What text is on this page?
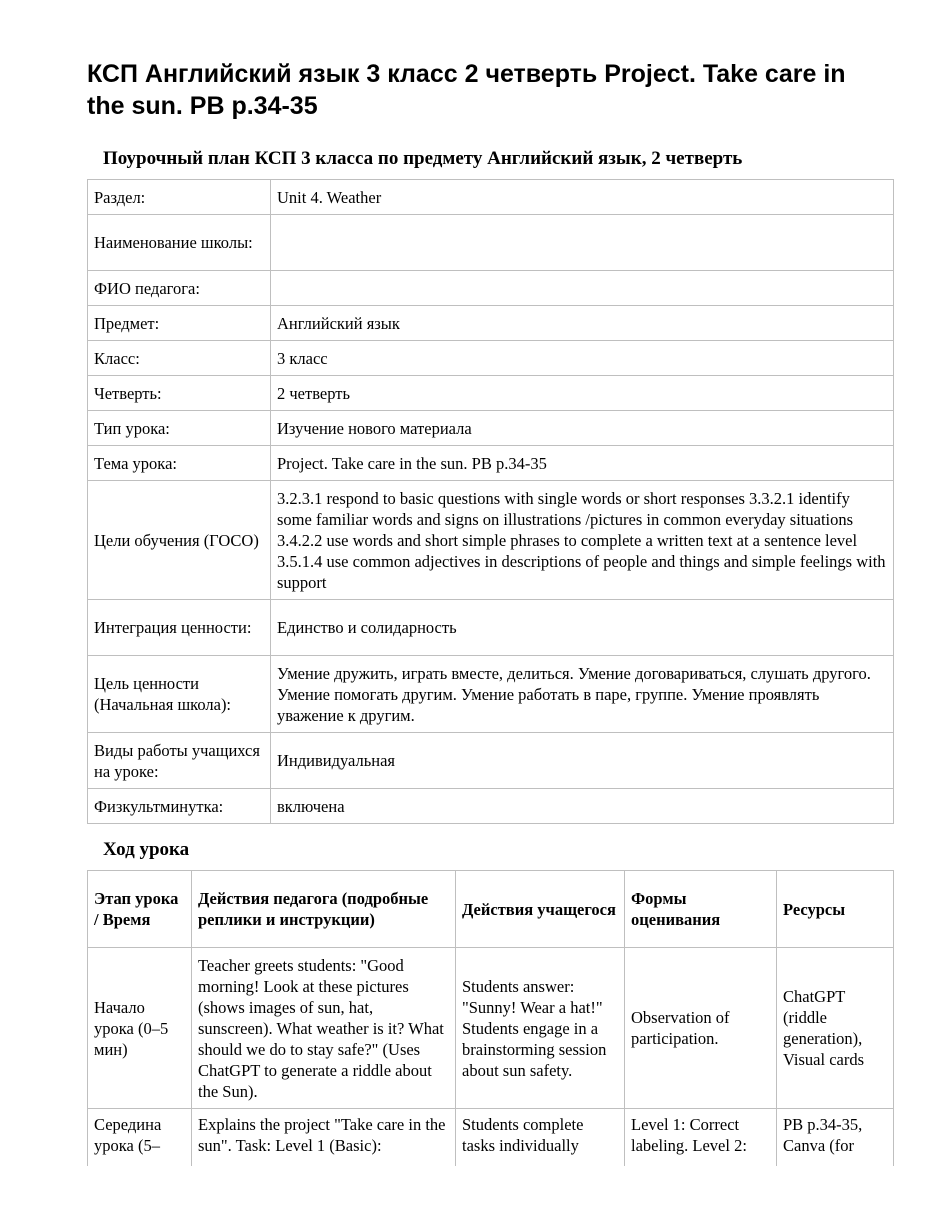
КСП Английский язык 3 класс 2 четверть Project. Take care in the sun. PB p.34-35
Поурочный план КСП 3 класса по предмету Английский язык, 2 четверть
Раздел:	Unit 4. Weather
Наименование школы:	
ФИО педагога:	
Предмет:	Английский язык
Класс:	3 класс
Четверть:	2 четверть
Тип урока:	Изучение нового материала
Тема урока:	Project. Take care in the sun. PB p.34-35
Цели обучения (ГОСО)	3.2.3.1 respond to basic questions with single words or short responses 3.3.2.1 identify some familiar words and signs on illustrations /pictures in common everyday situations 3.4.2.2 use words and short simple phrases to complete a written text at a sentence level 3.5.1.4 use common adjectives in descriptions of people and things and simple feelings with support
Интеграция ценности:	Единство и солидарность
Цель ценности (Начальная школа):	Умение дружить, играть вместе, делиться. Умение договариваться, слушать другого. Умение помогать другим. Умение работать в паре, группе. Умение проявлять уважение к другим.
Виды работы учащихся на уроке:	Индивидуальная
Физкультминутка:	включена
Ход урока
Этап урока / Время	Действия педагога (подробные реплики и инструкции)	Действия учащегося	Формы оценивания	Ресурсы
Начало урока (0–5 мин)	Teacher greets students: "Good morning! Look at these pictures (shows images of sun, hat, sunscreen). What weather is it? What should we do to stay safe?" (Uses ChatGPT to generate a riddle about the Sun).	Students answer: "Sunny! Wear a hat!" Students engage in a brainstorming session about sun safety.	Observation of participation.	ChatGPT (riddle generation), Visual cards
Середина урока (5–	Explains the project "Take care in the sun". Task: Level 1 (Basic):	Students complete tasks individually	Level 1: Correct labeling. Level 2:	PB p.34-35, Canva (for
